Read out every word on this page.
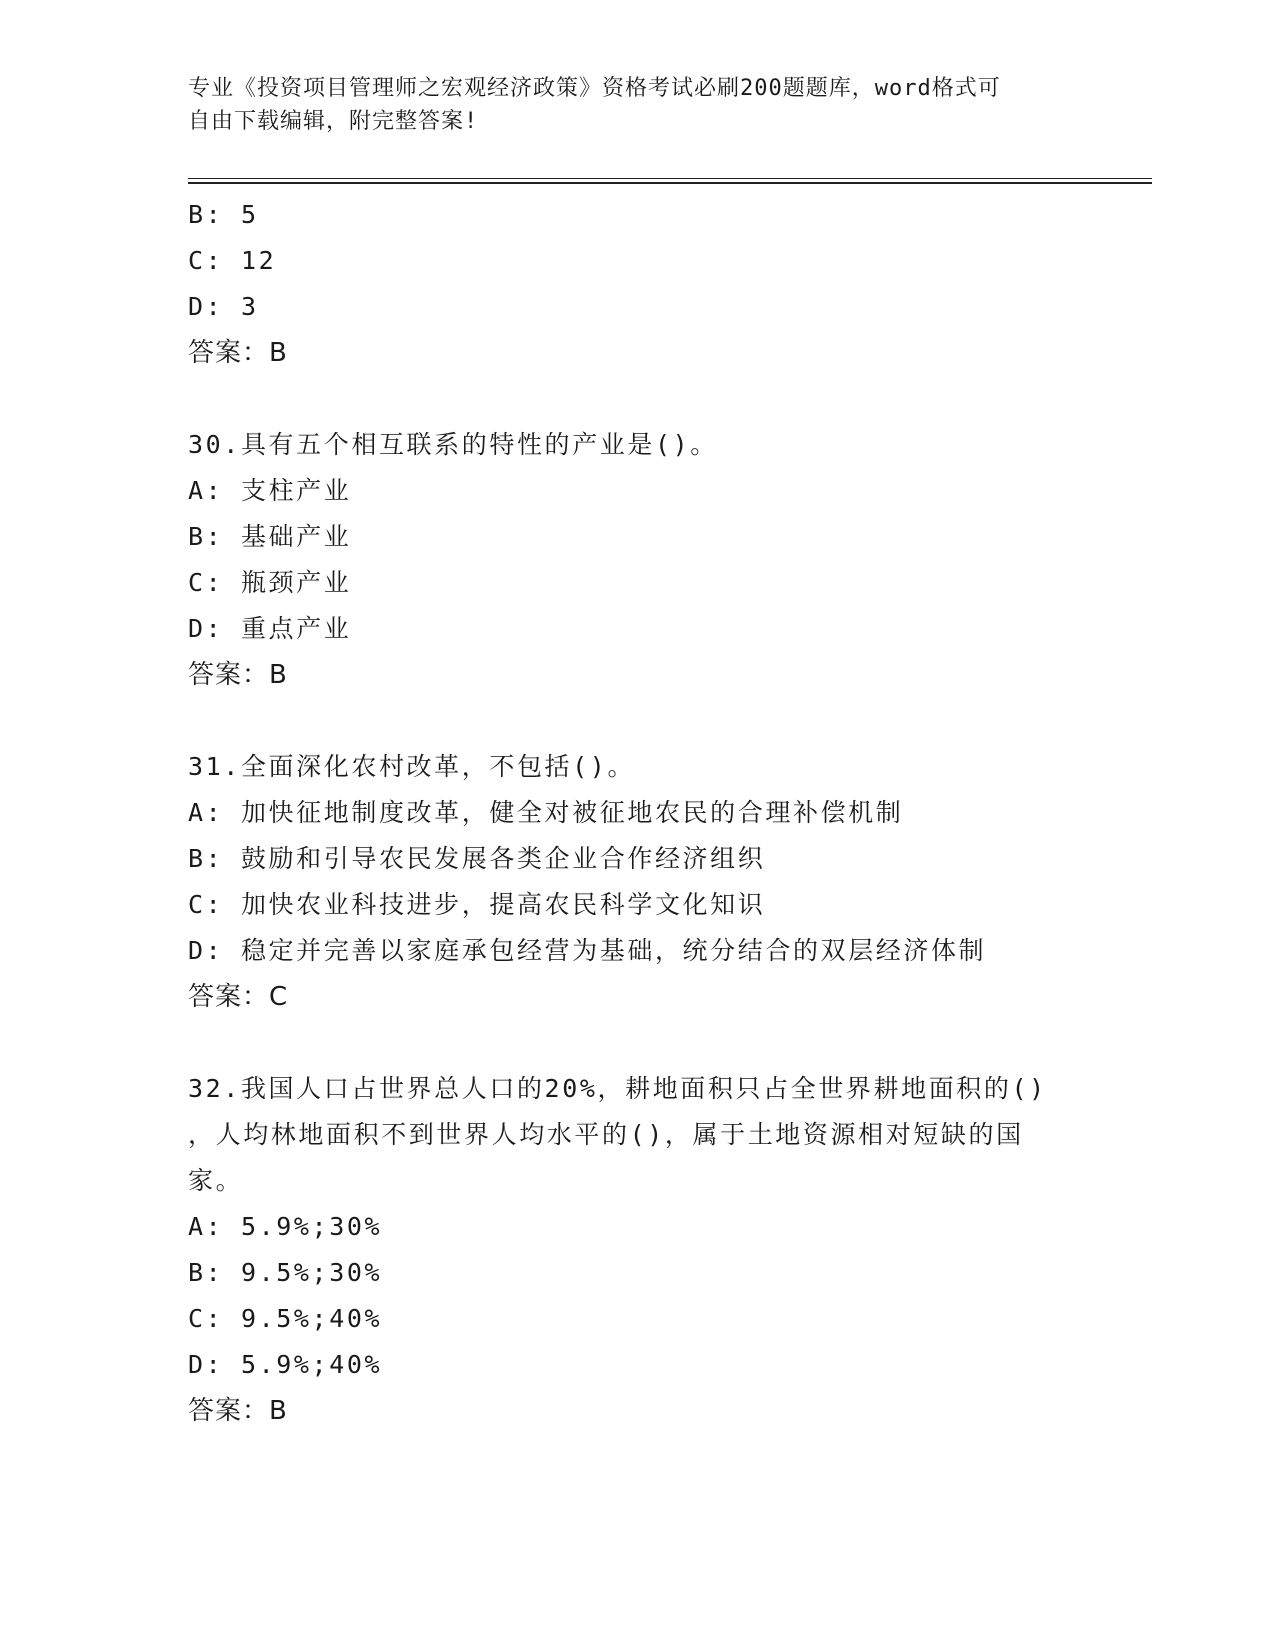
专业《投资项目管理师之宏观经济政策》资格考试必刷200题题库，word格式可
自由下载编辑，附完整答案!
B: 5
C: 12
D: 3
答案：B
30.具有五个相互联系的特性的产业是()。
A: 支柱产业
B: 基础产业
C: 瓶颈产业
D: 重点产业
答案：B
31.全面深化农村改革，不包括()。
A: 加快征地制度改革，健全对被征地农民的合理补偿机制
B: 鼓励和引导农民发展各类企业合作经济组织
C: 加快农业科技进步，提高农民科学文化知识
D: 稳定并完善以家庭承包经营为基础，统分结合的双层经济体制
答案：C
32.我国人口占世界总人口的20%，耕地面积只占全世界耕地面积的()
，人均林地面积不到世界人均水平的()，属于土地资源相对短缺的国
家。
A: 5.9%;30%
B: 9.5%;30%
C: 9.5%;40%
D: 5.9%;40%
答案：B
